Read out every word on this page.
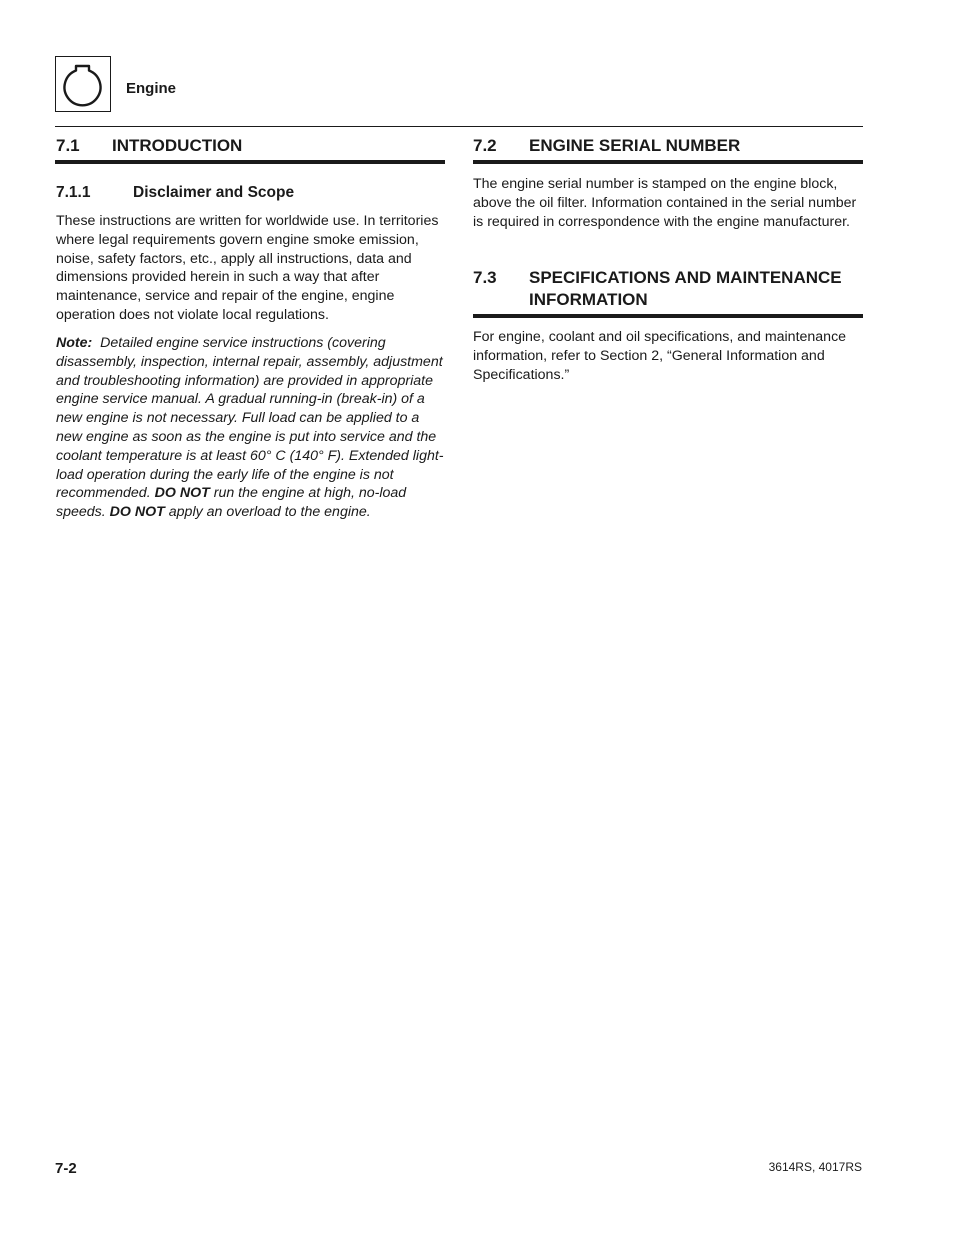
Engine
7.1 INTRODUCTION
7.1.1	Disclaimer and Scope

These instructions are written for worldwide use. In territories where legal requirements govern engine smoke emission, noise, safety factors, etc., apply all instructions, data and dimensions provided herein in such a way that after maintenance, service and repair of the engine, engine operation does not violate local regulations.

Note: Detailed engine service instructions (covering disassembly, inspection, internal repair, assembly, adjustment and troubleshooting information) are provided in appropriate engine service manual. A gradual running-in (break-in) of a new engine is not necessary. Full load can be applied to a new engine as soon as the engine is put into service and the coolant temperature is at least 60° C (140° F). Extended light-load operation during the early life of the engine is not recommended. DO NOT run the engine at high, no-load speeds. DO NOT apply an overload to the engine.

7.2 ENGINE SERIAL NUMBER

The engine serial number is stamped on the engine block, above the oil filter. Information contained in the serial number is required in correspondence with the engine manufacturer.

7.3 SPECIFICATIONS AND MAINTENANCE
INFORMATION

For engine, coolant and oil specifications, and maintenance information, refer to Section 2, “General Information and Specifications.”

7-2	3614RS, 4017RS
